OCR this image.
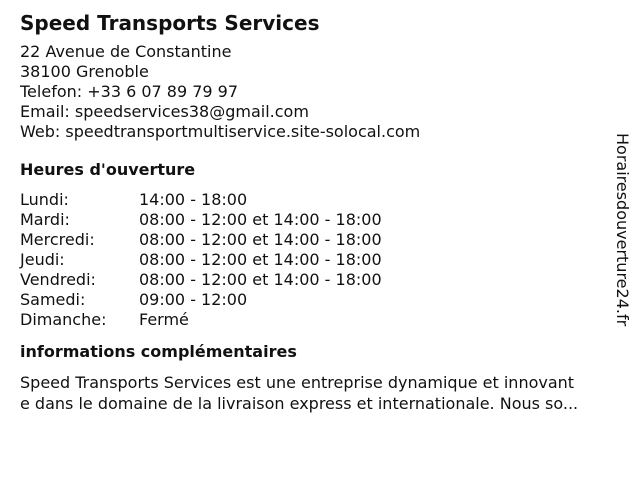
Speed Transports Services
22 Avenue de Constantine
38100 Grenoble
Telefon: +33 6 07 89 79 97
Email: speedservices38@gmail.com
Web: speedtransportmultiservice.site-solocal.com
Heures d'ouverture
Lundi:	14:00 - 18:00
Mardi:	08:00 - 12:00 et 14:00 - 18:00
Mercredi:	08:00 - 12:00 et 14:00 - 18:00
Jeudi:	08:00 - 12:00 et 14:00 - 18:00
Vendredi:	08:00 - 12:00 et 14:00 - 18:00
Samedi:	09:00 - 12:00
Dimanche:	Fermé
informations complémentaires
Speed Transports Services est une entreprise dynamique et innovant
e dans le domaine de la livraison express et internationale. Nous so...
Horairesdouverture24.fr
